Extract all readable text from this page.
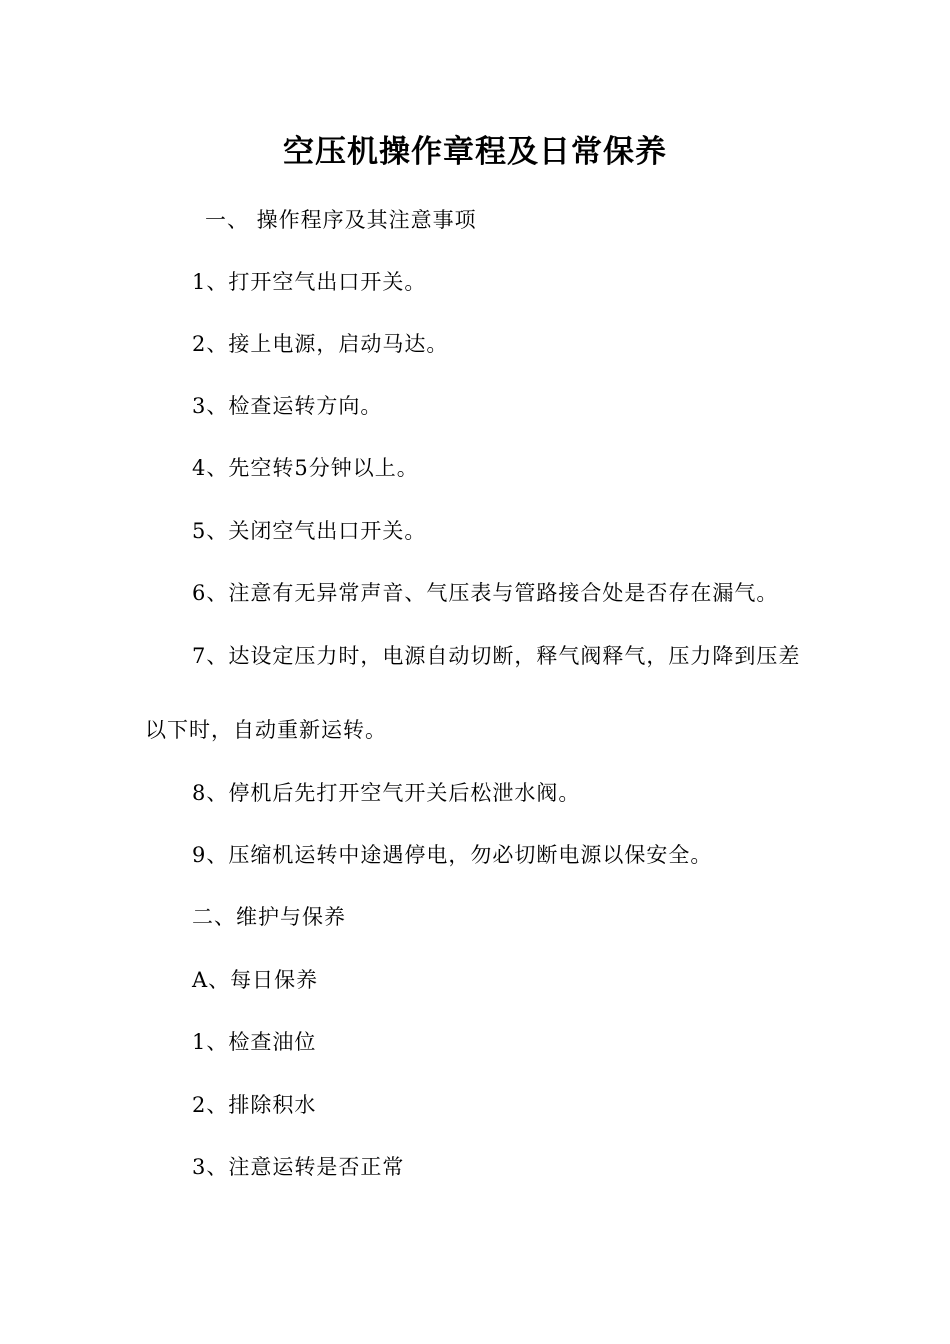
空压机操作章程及日常保养

一、 操作程序及其注意事项

1、打开空气出口开关。

2、接上电源，启动马达。

3、检查运转方向。

4、先空转5分钟以上。

5、关闭空气出口开关。

6、注意有无异常声音、气压表与管路接合处是否存在漏气。

7、达设定压力时，电源自动切断，释气阀释气，压力降到压差

以下时，自动重新运转。

8、停机后先打开空气开关后松泄水阀。

9、压缩机运转中途遇停电，勿必切断电源以保安全。

二、维护与保养

A、每日保养

1、检查油位

2、排除积水

3、注意运转是否正常
